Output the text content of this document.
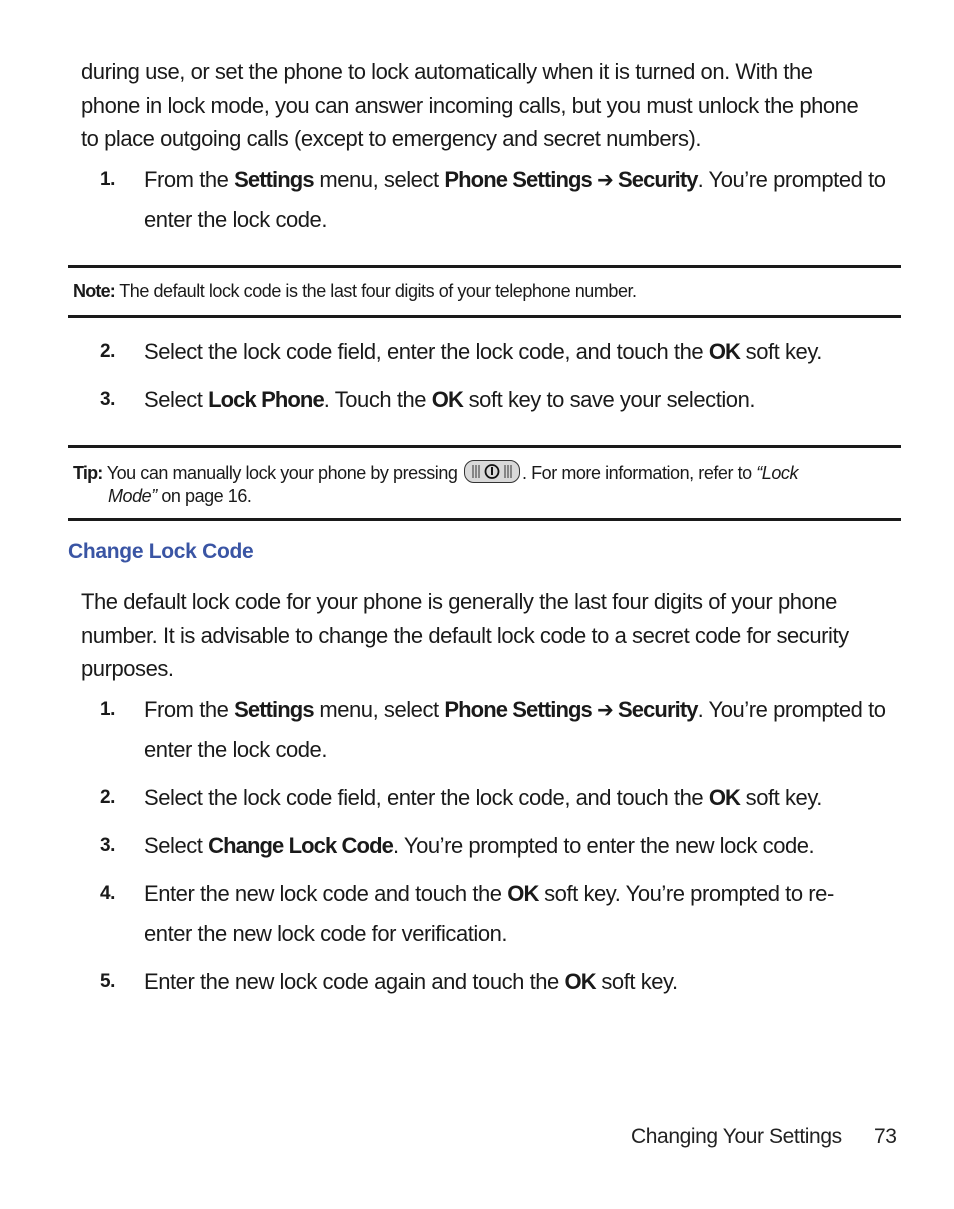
during use, or set the phone to lock automatically when it is turned on. With the
phone in lock mode, you can answer incoming calls, but you must unlock the phone
to place outgoing calls (except to emergency and secret numbers).
1. From the Settings menu, select Phone Settings ➔ Security. You’re prompted to
enter the lock code.
Note: The default lock code is the last four digits of your telephone number.
2. Select the lock code field, enter the lock code, and touch the OK soft key.
3. Select Lock Phone. Touch the OK soft key to save your selection.
Tip: You can manually lock your phone by pressing	. For more information, refer to “Lock
Mode” on page 16.
Change Lock Code
The default lock code for your phone is generally the last four digits of your phone
number. It is advisable to change the default lock code to a secret code for security
purposes.
1. From the Settings menu, select Phone Settings ➔ Security. You’re prompted to
enter the lock code.
2. Select the lock code field, enter the lock code, and touch the OK soft key.
3. Select Change Lock Code. You’re prompted to enter the new lock code.
4. Enter the new lock code and touch the OK soft key. You’re prompted to re-
enter the new lock code for verification.
5. Enter the new lock code again and touch the OK soft key.
Changing Your Settings 73
